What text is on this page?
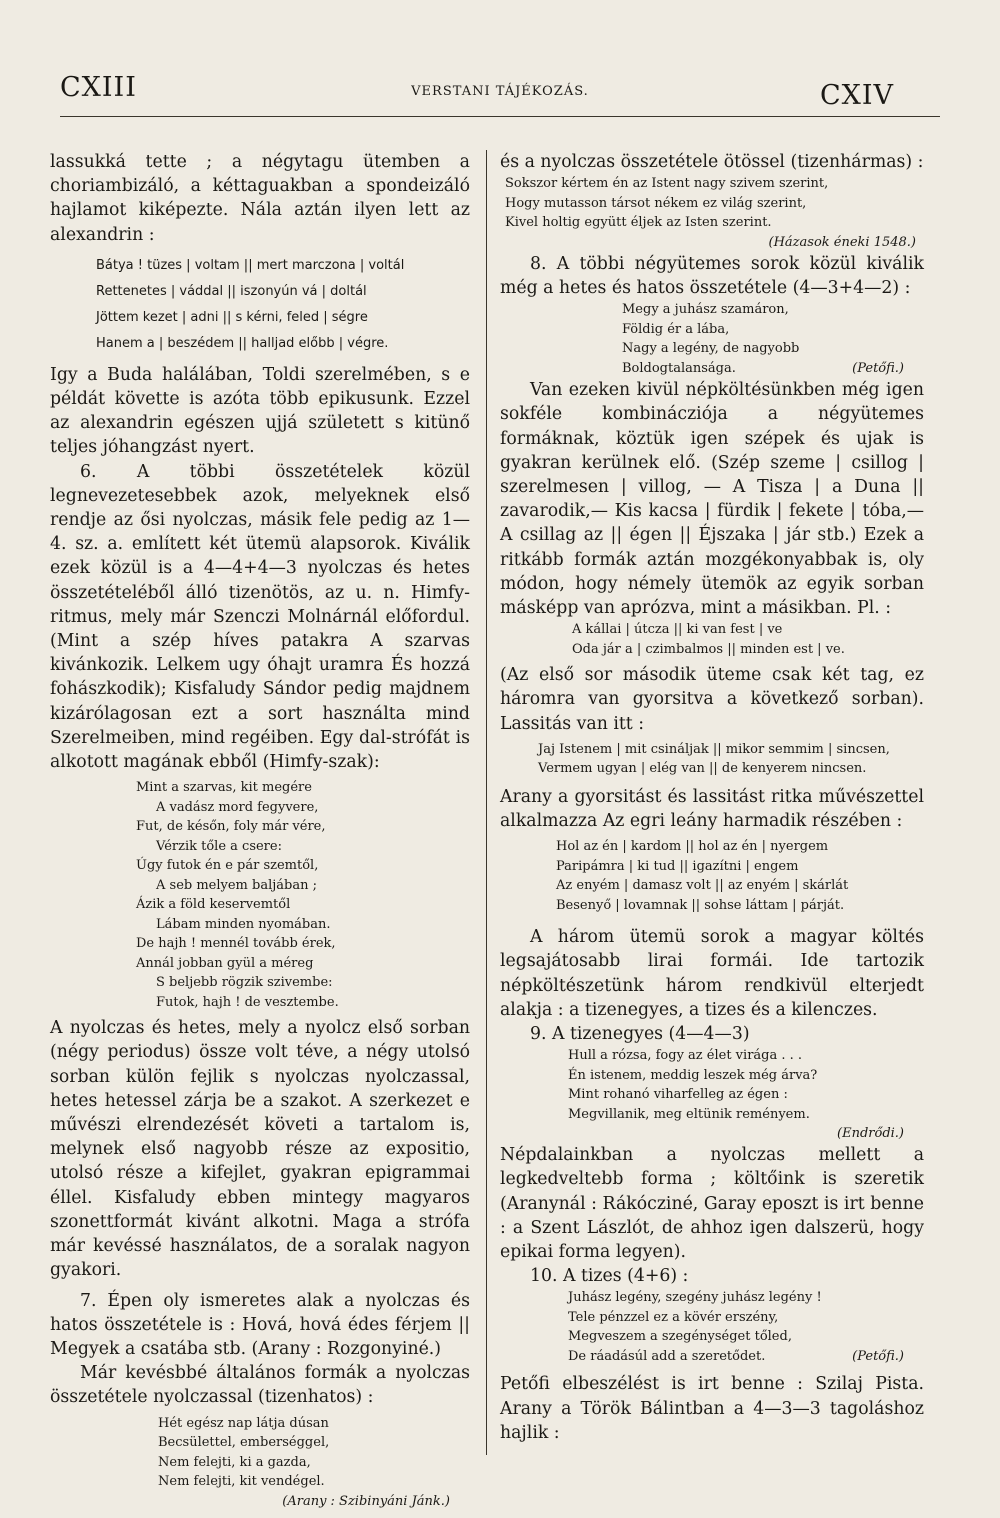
CXIII	VERSTANI TÁJÉKOZÁS.	CXIV

lassukká tette ; a négytagu ütemben a choriambizáló, a kéttaguakban a spondeizáló hajlamot kiképezte. Nála aztán ilyen lett az alexandrin :

Bátya ! tüzes | voltam || mert marczona | voltál
Rettenetes | váddal || iszonyún vá | doltál
Jöttem kezet | adni || s kérni, feled | ségre
Hanem a | beszédem || halljad előbb | végre.

Igy a Buda halálában, Toldi szerelmében, s e példát követte is azóta több epikusunk. Ezzel az alexandrin egészen ujjá született s kitünő teljes jóhangzást nyert.

6. A többi összetételek közül legnevezetesebbek azok, melyeknek első rendje az ősi nyolczas, másik fele pedig az 1—4. sz. a. említett két ütemü alapsorok. Kiválik ezek közül is a 4—4+4—3 nyolczas és hetes összetételéből álló tizenötös, az u. n. Himfy-ritmus, mely már Szenczi Molnárnál előfordul. (Mint a szép híves patakra A szarvas kivánkozik. Lelkem ugy óhajt uramra És hozzá fohászkodik); Kisfaludy Sándor pedig majdnem kizárólagosan ezt a sort használta mind Szerelmeiben, mind regéiben. Egy dal-strófát is alkotott magának ebből (Himfy-szak):

Mint a szarvas, kit megére

A vadász mord fegyvere,

Fut, de későn, foly már vére,

Vérzik tőle a csere:

Úgy futok én e pár szemtől,

A seb melyem baljában ;

Ázik a föld keservemtől

Lábam minden nyomában.

De hajh ! mennél tovább érek,

Annál jobban gyül a méreg

S beljebb rögzik szivembe:

Futok, hajh ! de vesztembe.

A nyolczas és hetes, mely a nyolcz első sorban (négy periodus) össze volt téve, a négy utolsó sorban külön fejlik s nyolczas nyolczassal, hetes hetessel zárja be a szakot. A szerkezet e művészi elrendezését követi a tartalom is, melynek első nagyobb része az expositio, utolsó része a kifejlet, gyakran epigrammai éllel. Kisfaludy ebben mintegy magyaros szonettformát kivánt alkotni. Maga a strófa már kevéssé használatos, de a soralak nagyon gyakori.

7. Épen oly ismeretes alak a nyolczas és hatos összetétele is : Hová, hová édes férjem || Megyek a csatába stb. (Arany : Rozgonyiné.)

Már kevésbbé általános formák a nyolczas összetétele nyolczassal (tizenhatos) :

Hét egész nap látja dúsan

Becsülettel, emberséggel,

Nem felejti, ki a gazda,

Nem felejti, kit vendégel.

(Arany : Szibinyáni Jánk.)

és a nyolczas összetétele ötössel (tizenhármas) :

Sokszor kértem én az Istent nagy szivem szerint,

Hogy mutasson társot nékem ez világ szerint,

Kivel holtig együtt éljek az Isten szerint.

(Házasok éneki 1548.)

8. A többi négyütemes sorok közül kiválik még a hetes és hatos összetétele (4—3+4—2) :

Megy a juhász szamáron,

Földig ér a lába,

Nagy a legény, de nagyobb

Boldogtalansága.	(Petőfi.)

Van ezeken kivül népköltésünkben még igen sokféle kombinácziója a négyütemes formáknak, köztük igen szépek és ujak is gyakran kerülnek elő. (Szép szeme | csillog | szerelmesen | villog, — A Tisza | a Duna || zavarodik,— Kis kacsa | fürdik | fekete | tóba,—A csillag az || égen || Éjszaka | jár stb.) Ezek a ritkább formák aztán mozgékonyabbak is, oly módon, hogy némely ütemök az egyik sorban másképp van aprózva, mint a másikban. Pl. :

A kállai | útcza || ki van fest | ve

Oda jár a | czimbalmos || minden est | ve.

(Az első sor második üteme csak két tag, ez háromra van gyorsitva a következő sorban). Lassitás van itt :

Jaj Istenem | mit csináljak || mikor semmim | sincsen,

Vermem ugyan | elég van || de kenyerem nincsen.

Arany a gyorsitást és lassitást ritka művészettel alkalmazza Az egri leány harmadik részében :

Hol az én | kardom || hol az én | nyergem

Paripámra | ki tud || igazítni | engem

Az enyém | damasz volt || az enyém | skárlát

Besenyő | lovamnak || sohse láttam | párját.

A három ütemü sorok a magyar költés legsajátosabb lirai formái. Ide tartozik népköltészetünk három rendkivül elterjedt alakja : a tizenegyes, a tizes és a kilenczes.

9. A tizenegyes (4—4—3)

Hull a rózsa, fogy az élet virága . . .

Én istenem, meddig leszek még árva?

Mint rohanó viharfelleg az égen :

Megvillanik, meg eltünik reményem.

(Endrődi.)

Népdalainkban a nyolczas mellett a legkedveltebb forma ; költőink is szeretik (Aranynál : Rákócziné, Garay eposzt is irt benne : a Szent Lászlót, de ahhoz igen dalszerü, hogy epikai forma legyen).

10. A tizes (4+6) :

Juhász legény, szegény juhász legény !

Tele pénzzel ez a kövér erszény,

Megveszem a szegénységet tőled,

De ráadásúl add a szeretődet.	(Petőfi.)

Petőfi elbeszélést is irt benne : Szilaj Pista. Arany a Török Bálintban a 4—3—3 tagoláshoz hajlik :
